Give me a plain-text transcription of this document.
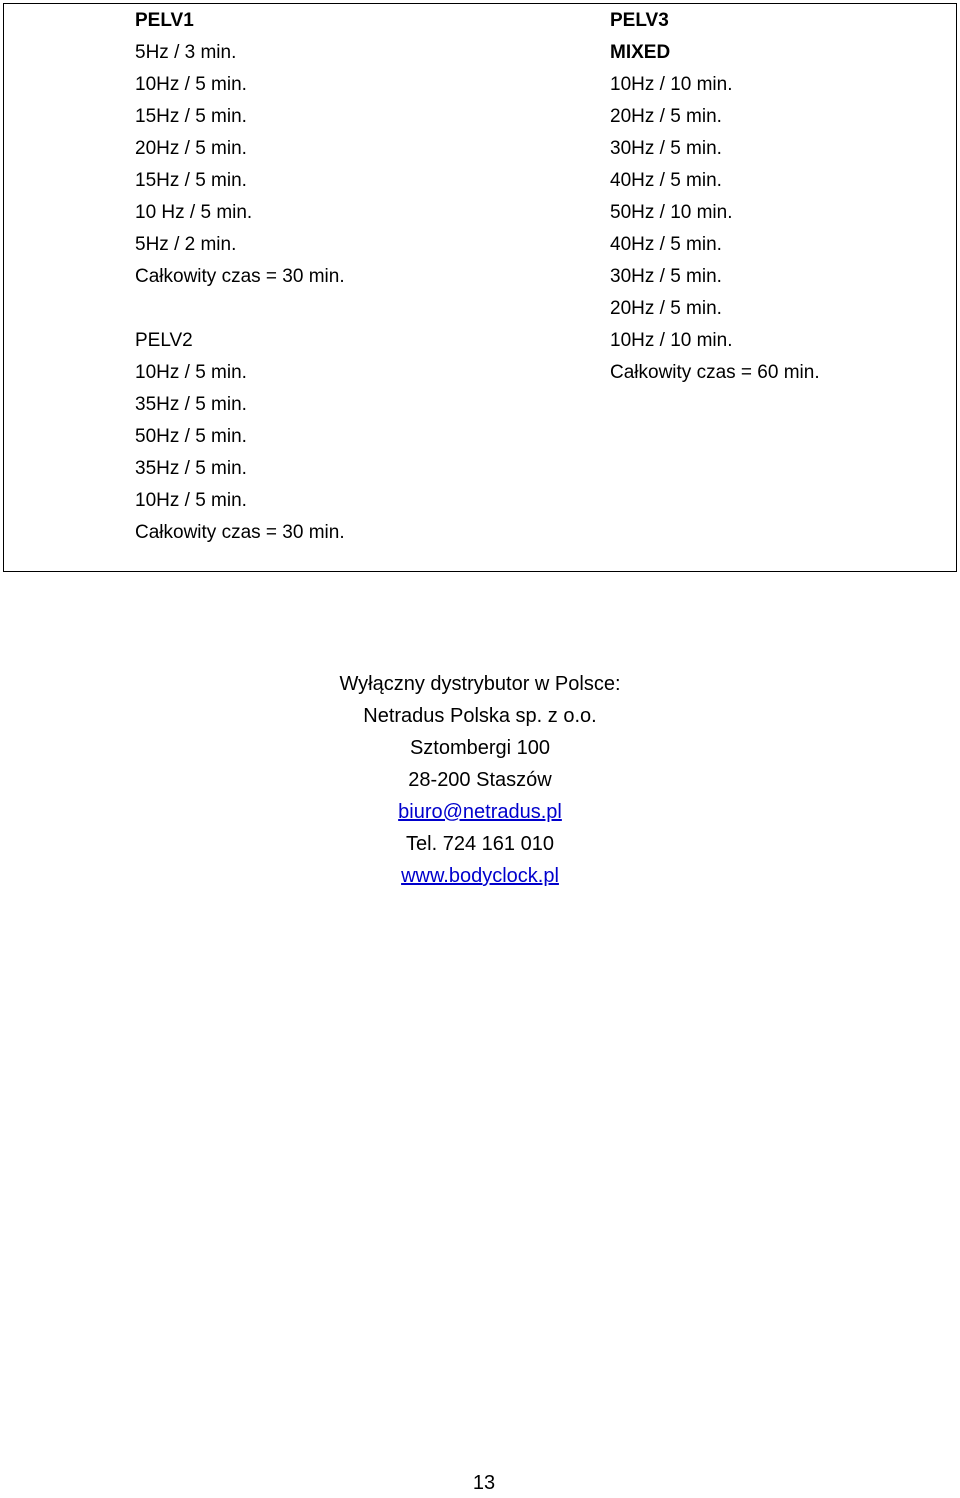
PELV1
5Hz / 3 min.
10Hz / 5 min.
15Hz / 5 min.
20Hz / 5 min.
15Hz / 5 min.
10 Hz / 5 min.
5Hz / 2 min.
Całkowity czas = 30 min.
PELV2
10Hz / 5 min.
35Hz / 5 min.
50Hz / 5 min.
35Hz / 5 min.
10Hz / 5 min.
Całkowity czas = 30 min.
PELV3
MIXED
10Hz / 10 min.
20Hz / 5 min.
30Hz / 5 min.
40Hz / 5 min.
50Hz / 10 min.
40Hz / 5 min.
30Hz / 5 min.
20Hz / 5 min.
10Hz / 10 min.
Całkowity czas = 60 min.
Wyłączny dystrybutor w Polsce:
Netradus Polska sp. z o.o.
Sztombergi 100
28-200 Staszów
biuro@netradus.pl
Tel. 724 161 010
www.bodyclock.pl
13
